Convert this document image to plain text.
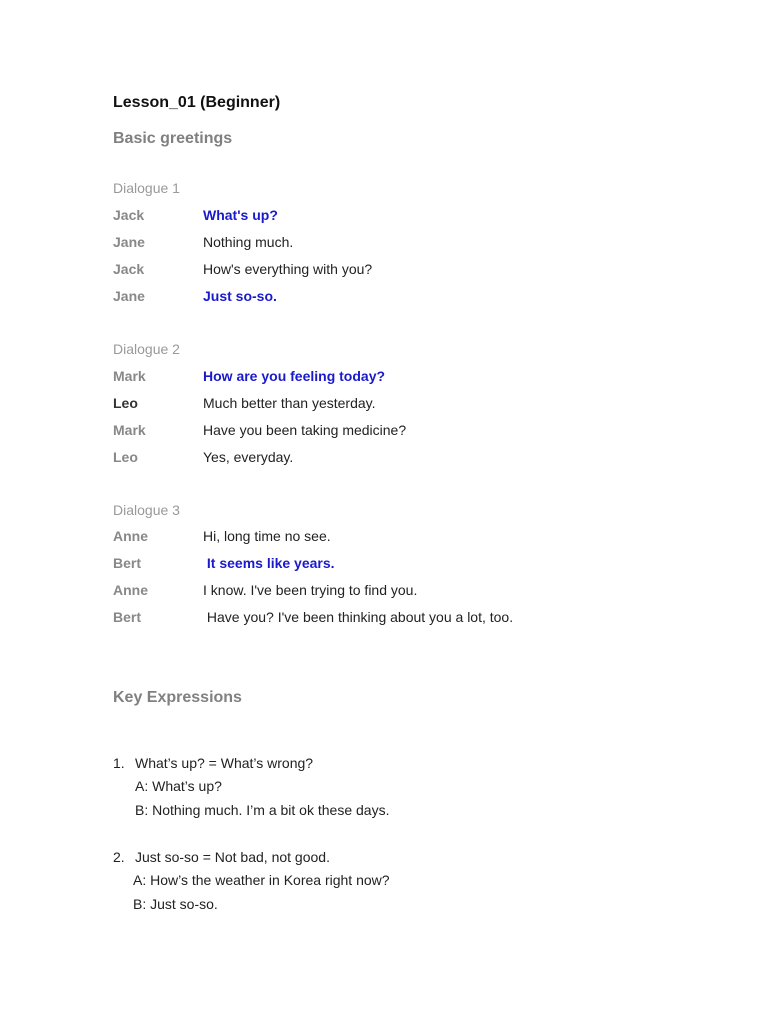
Lesson_01 (Beginner)
Basic greetings
Dialogue 1
Jack	What's up?
Jane	Nothing much.
Jack	How's everything with you?
Jane	Just so-so.
Dialogue 2
Mark	How are you feeling today?
Leo	Much better than yesterday.
Mark	Have you been taking medicine?
Leo	Yes, everyday.
Dialogue 3
Anne	Hi, long time no see.
Bert	It seems like years.
Anne	I know. I've been trying to find you.
Bert	Have you? I've been thinking about you a lot, too.
Key Expressions
1. What’s up? = What’s wrong?
A: What’s up?
B: Nothing much. I’m a bit ok these days.
2. Just so-so = Not bad, not good.
A: How’s the weather in Korea right now?
B: Just so-so.
